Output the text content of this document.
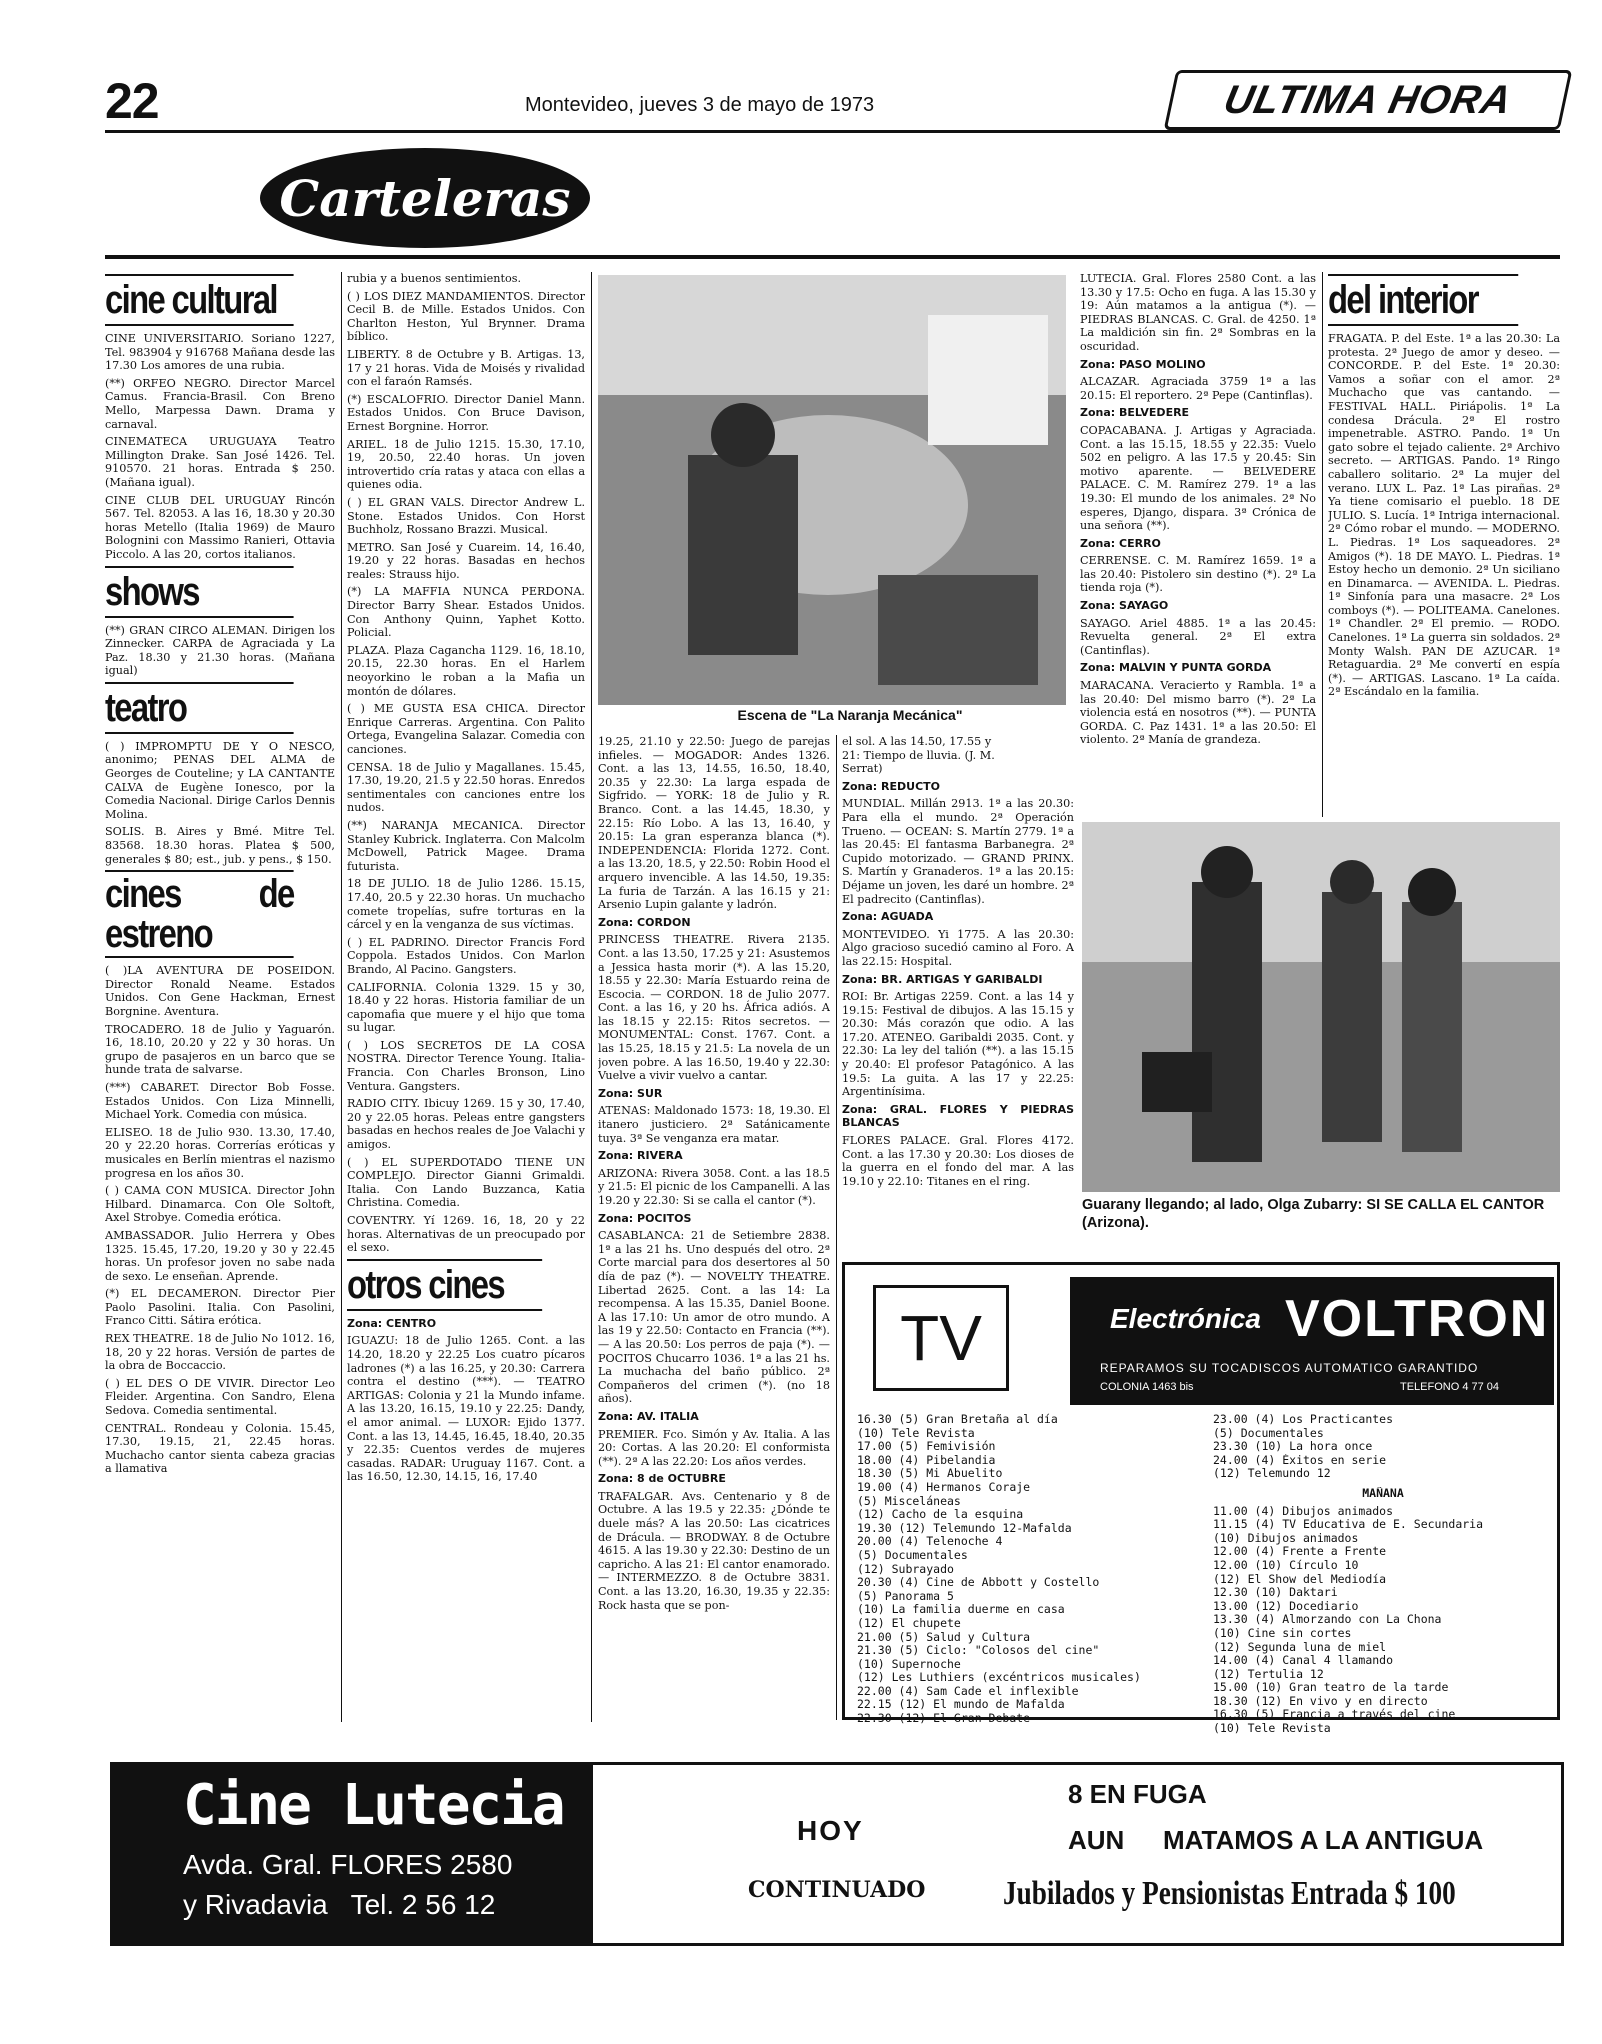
22	Montevideo, jueves 3 de mayo de 1973	ULTIMA HORA
Carteleras
cine cultural

CINE UNIVERSITARIO. Soriano 1227, Tel. 983904 y 916768 Mañana desde las 17.30 Los amores de una rubia.

(**) ORFEO NEGRO. Director Marcel Camus. Francia-Brasil. Con Breno Mello, Marpessa Dawn. Drama y carnaval.

CINEMATECA URUGUAYA Teatro Millington Drake. San José 1426. Tel. 910570. 21 horas. Entrada $ 250. (Mañana igual).

CINE CLUB DEL URUGUAY Rincón 567. Tel. 82053. A las 16, 18.30 y 20.30 horas Metello (Italia 1969) de Mauro Bolognini con Massimo Ranieri, Ottavia Piccolo. A las 20, cortos italianos.

shows

(**) GRAN CIRCO ALEMAN. Dirigen los Zinnecker. CARPA de Agraciada y La Paz. 18.30 y 21.30 horas. (Mañana igual)

teatro

( ) IMPROMPTU DE Y O NESCO, anonimo; PENAS DEL ALMA de Georges de Couteline; y LA CANTANTE CALVA de Eugène Ionesco, por la Comedia Nacional. Dirige Carlos Dennis Molina.

SOLIS. B. Aires y Bmé. Mitre Tel. 83568. 18.30 horas. Platea $ 500, generales $ 80; est., jub. y pens., $ 150.

cines de estreno

( )LA AVENTURA DE POSEIDON. Director Ronald Neame. Estados Unidos. Con Gene Hackman, Ernest Borgnine. Aventura.

TROCADERO. 18 de Julio y Yaguarón. 16, 18.10, 20.20 y 22 y 30 horas. Un grupo de pasajeros en un barco que se hunde trata de salvarse.

(***) CABARET. Director Bob Fosse. Estados Unidos. Con Liza Minnelli, Michael York. Comedia con música.

ELISEO. 18 de Julio 930. 13.30, 17.40, 20 y 22.20 horas. Correrías eróticas y musicales en Berlín mientras el nazismo progresa en los años 30.

( ) CAMA CON MUSICA. Director John Hilbard. Dinamarca. Con Ole Soltoft, Axel Strobye. Comedia erótica.

AMBASSADOR. Julio Herrera y Obes 1325. 15.45, 17.20, 19.20 y 30 y 22.45 horas. Un profesor joven no sabe nada de sexo. Le enseñan. Aprende.

(*) EL DECAMERON. Director Pier Paolo Pasolini. Italia. Con Pasolini, Franco Citti. Sátira erótica.

REX THEATRE. 18 de Julio No 1012. 16, 18, 20 y 22 horas. Versión de partes de la obra de Boccaccio.

( ) EL DES O DE VIVIR. Director Leo Fleider. Argentina. Con Sandro, Elena Sedova. Comedia sentimental.

CENTRAL. Rondeau y Colonia. 15.45, 17.30, 19.15, 21, 22.45 horas. Muchacho cantor sienta cabeza gracias a llamativa

rubia y a buenos sentimientos.

( ) LOS DIEZ MANDAMIENTOS. Director Cecil B. de Mille. Estados Unidos. Con Charlton Heston, Yul Brynner. Drama bíblico.

LIBERTY. 8 de Octubre y B. Artigas. 13, 17 y 21 horas. Vida de Moisés y rivalidad con el faraón Ramsés.

(*) ESCALOFRIO. Director Daniel Mann. Estados Unidos. Con Bruce Davison, Ernest Borgnine. Horror.

ARIEL. 18 de Julio 1215. 15.30, 17.10, 19, 20.50, 22.40 horas. Un joven introvertido cría ratas y ataca con ellas a quienes odia.

( ) EL GRAN VALS. Director Andrew L. Stone. Estados Unidos. Con Horst Buchholz, Rossano Brazzi. Musical.

METRO. San José y Cuareim. 14, 16.40, 19.20 y 22 horas. Basadas en hechos reales: Strauss hijo.

(*) LA MAFFIA NUNCA PERDONA. Director Barry Shear. Estados Unidos. Con Anthony Quinn, Yaphet Kotto. Policial.

PLAZA. Plaza Cagancha 1129. 16, 18.10, 20.15, 22.30 horas. En el Harlem neoyorkino le roban a la Mafia un montón de dólares.

( ) ME GUSTA ESA CHICA. Director Enrique Carreras. Argentina. Con Palito Ortega, Evangelina Salazar. Comedia con canciones.

CENSA. 18 de Julio y Magallanes. 15.45, 17.30, 19.20, 21.5 y 22.50 horas. Enredos sentimentales con canciones entre los nudos.

(**) NARANJA MECANICA. Director Stanley Kubrick. Inglaterra. Con Malcolm McDowell, Patrick Magee. Drama futurista.

18 DE JULIO. 18 de Julio 1286. 15.15, 17.40, 20.5 y 22.30 horas. Un muchacho comete tropelías, sufre torturas en la cárcel y en la venganza de sus víctimas.

( ) EL PADRINO. Director Francis Ford Coppola. Estados Unidos. Con Marlon Brando, Al Pacino. Gangsters.

CALIFORNIA. Colonia 1329. 15 y 30, 18.40 y 22 horas. Historia familiar de un capomafia que muere y el hijo que toma su lugar.

( ) LOS SECRETOS DE LA COSA NOSTRA. Director Terence Young. Italia-Francia. Con Charles Bronson, Lino Ventura. Gangsters.

RADIO CITY. Ibicuy 1269. 15 y 30, 17.40, 20 y 22.05 horas. Peleas entre gangsters basadas en hechos reales de Joe Valachi y amigos.

( ) EL SUPERDOTADO TIENE UN COMPLEJO. Director Gianni Grimaldi. Italia. Con Lando Buzzanca, Katia Christina. Comedia.

COVENTRY. Yí 1269. 16, 18, 20 y 22 horas. Alternativas de un preocupado por el sexo.

otros cines

Zona: CENTRO

IGUAZU: 18 de Julio 1265. Cont. a las 14.20, 18.20 y 22.25 Los cuatro pícaros ladrones (*) a las 16.25, y 20.30: Carrera contra el destino (***). — TEATRO ARTIGAS: Colonia y 21 la Mundo infame. A las 13.20, 16.15, 19.10 y 22.25: Dandy, el amor animal. — LUXOR: Ejido 1377. Cont. a las 13, 14.45, 16.45, 18.40, 20.35 y 22.35: Cuentos verdes de mujeres casadas. RADAR: Uruguay 1167. Cont. a las 16.50, 12.30, 14.15, 16, 17.40

Escena de "La Naranja Mecánica"

19.25, 21.10 y 22.50: Juego de parejas infieles. — MOGADOR: Andes 1326. Cont. a las 13, 14.55, 16.50, 18.40, 20.35 y 22.30: La larga espada de Sigfrido. — YORK: 18 de Julio y R. Branco. Cont. a las 14.45, 18.30, y 22.15: Río Lobo. A las 13, 16.40, y 20.15: La gran esperanza blanca (*). INDEPENDENCIA: Florida 1272. Cont. a las 13.20, 18.5, y 22.50: Robin Hood el arquero invencible. A las 14.50, 19.35: La furia de Tarzán. A las 16.15 y 21: Arsenio Lupin galante y ladrón.

Zona: CORDON

PRINCESS THEATRE. Rivera 2135. Cont. a las 13.50, 17.25 y 21: Asustemos a Jessica hasta morir (*). A las 15.20, 18.55 y 22.30: María Estuardo reina de Escocia. — CORDON. 18 de Julio 2077. Cont. a las 16, y 20 hs. África adiós. A las 18.15 y 22.15: Ritos secretos. — MONUMENTAL: Const. 1767. Cont. a las 15.25, 18.15 y 21.5: La novela de un joven pobre. A las 16.50, 19.40 y 22.30: Vuelve a vivir vuelvo a cantar.

Zona: SUR

ATENAS: Maldonado 1573: 18, 19.30. El itanero justiciero. 2ª Satánicamente tuya. 3ª Se venganza era matar.

Zona: RIVERA

ARIZONA: Rivera 3058. Cont. a las 18.5 y 21.5: El picnic de los Campanelli. A las 19.20 y 22.30: Si se calla el cantor (*).

Zona: POCITOS

CASABLANCA: 21 de Setiembre 2838. 1ª a las 21 hs. Uno después del otro. 2ª Corte marcial para dos desertores al 50 día de paz (*). — NOVELTY THEATRE. Libertad 2625. Cont. a las 14: La recompensa. A las 15.35, Daniel Boone. A las 17.10: Un amor de otro mundo. A las 19 y 22.50: Contacto en Francia (**). — A las 20.50: Los perros de paja (*). — POCITOS Chucarro 1036. 1ª a las 21 hs. La muchacha del baño público. 2ª Compañeros del crimen (*). (no 18 años).

Zona: AV. ITALIA

PREMIER. Fco. Simón y Av. Italia. A las 20: Cortas. A las 20.20: El conformista (**). 2ª A las 22.20: Los años verdes.

Zona: 8 de OCTUBRE

TRAFALGAR. Avs. Centenario y 8 de Octubre. A las 19.5 y 22.35: ¿Dónde te duele más? A las 20.50: Las cicatrices de Drácula. — BRODWAY. 8 de Octubre 4615. A las 19.30 y 22.30: Destino de un capricho. A las 21: El cantor enamorado. — INTERMEZZO. 8 de Octubre 3831. Cont. a las 13.20, 16.30, 19.35 y 22.35: Rock hasta que se pon-

LUTECIA. Gral. Flores 2580 Cont. a las 13.30 y 17.5: Ocho en fuga. A las 15.30 y 19: Aún matamos a la antigua (*). — PIEDRAS BLANCAS. C. Gral. de 4250. 1ª La maldición sin fin. 2ª Sombras en la oscuridad.

Zona: PASO MOLINO

ALCAZAR. Agraciada 3759 1ª a las 20.15: El reportero. 2ª Pepe (Cantinflas).

Zona: BELVEDERE

COPACABANA. J. Artigas y Agraciada. Cont. a las 15.15, 18.55 y 22.35: Vuelo 502 en peligro. A las 17.5 y 20.45: Sin motivo aparente. — BELVEDERE PALACE. C. M. Ramírez 279. 1ª a las 19.30: El mundo de los animales. 2ª No esperes, Django, dispara. 3ª Crónica de una señora (**).

Zona: CERRO

CERRENSE. C. M. Ramírez 1659. 1ª a las 20.40: Pistolero sin destino (*). 2ª La tienda roja (*).

Zona: SAYAGO

SAYAGO. Ariel 4885. 1ª a las 20.45: Revuelta general. 2ª El extra (Cantinflas).

Zona: MALVIN Y PUNTA GORDA

MARACANA. Veracierto y Rambla. 1ª a las 20.40: Del mismo barro (*). 2ª La violencia está en nosotros (**). — PUNTA GORDA. C. Paz 1431. 1ª a las 20.50: El violento. 2ª Manía de grandeza.

el sol. A las 14.50, 17.55 y

21: Tiempo de lluvia. (J. M.

Serrat)

Zona: REDUCTO

MUNDIAL. Millán 2913. 1ª a las 20.30: Para ella el mundo. 2ª Operación Trueno. — OCEAN: S. Martín 2779. 1ª a las 20.45: El fantasma Barbanegra. 2ª Cupido motorizado. — GRAND PRINX. S. Martín y Granaderos. 1ª a las 20.15: Déjame un joven, les daré un hombre. 2ª El padrecito (Cantinflas).

Zona: AGUADA

MONTEVIDEO. Yi 1775. A las 20.30: Algo gracioso sucedió camino al Foro. A las 22.15: Hospital.

Zona: BR. ARTIGAS Y GARIBALDI

ROI: Br. Artigas 2259. Cont. a las 14 y 19.15: Festival de dibujos. A las 15.15 y 20.30: Más corazón que odio. A las 17.20. ATENEO. Garibaldi 2035. Cont. y 22.30: La ley del talión (**). a las 15.15 y 20.40: El profesor Patagónico. A las 19.5: La guita. A las 17 y 22.25: Argentinísima.

Zona: GRAL. FLORES Y PIEDRAS BLANCAS

FLORES PALACE. Gral. Flores 4172. Cont. a las 17.30 y 20.30: Los dioses de la guerra en el fondo del mar. A las 19.10 y 22.10: Titanes en el ring.

del interior

FRAGATA. P. del Este. 1ª a las 20.30: La protesta. 2ª Juego de amor y deseo. — CONCORDE. P. del Este. 1ª 20.30: Vamos a soñar con el amor. 2ª Muchacho que vas cantando. — FESTIVAL HALL. Piriápolis. 1ª La condesa Drácula. 2ª El rostro impenetrable. ASTRO. Pando. 1ª Un gato sobre el tejado caliente. 2ª Archivo secreto. — ARTIGAS. Pando. 1ª Ringo caballero solitario. 2ª La mujer del verano. LUX L. Paz. 1ª Las pirañas. 2ª Ya tiene comisario el pueblo. 18 DE JULIO. S. Lucía. 1ª Intriga internacional. 2ª Cómo robar el mundo. — MODERNO. L. Piedras. 1ª Los saqueadores. 2ª Amigos (*). 18 DE MAYO. L. Piedras. 1ª Estoy hecho un demonio. 2ª Un siciliano en Dinamarca. — AVENIDA. L. Piedras. 1ª Sinfonía para una masacre. 2ª Los comboys (*). — POLITEAMA. Canelones. 1ª Chandler. 2ª El premio. — RODO. Canelones. 1ª La guerra sin soldados. 2ª Monty Walsh. PAN DE AZUCAR. 1ª Retaguardia. 2ª Me convertí en espía (*). — ARTIGAS. Lascano. 1ª La caída. 2ª Escándalo en la familia.

Guarany llegando; al lado, Olga Zubarry: SI SE CALLA EL CANTOR (Arizona).
TV	Electrónica VOLTRON
REPARAMOS SU TOCADISCOS AUTOMATICO GARANTIDO
COLONIA 1463 bis	TELEFONO 4 77 04
16.30 (5) Gran Bretaña al día
(10) Tele Revista
17.00 (5) Femivisión
18.00 (4) Pibelandia
18.30 (5) Mi Abuelito
19.00 (4) Hermanos Coraje
(5) Misceláneas
(12) Cacho de la esquina
19.30 (12) Telemundo 12-Mafalda
20.00 (4) Telenoche 4
(5) Documentales
(12) Subrayado
20.30 (4) Cine de Abbott y Costello
(5) Panorama 5
(10) La familia duerme en casa
(12) El chupete
21.00 (5) Salud y Cultura
21.30 (5) Ciclo: "Colosos del cine"
(10) Supernoche
(12) Les Luthiers (excéntricos musicales)
22.00 (4) Sam Cade el inflexible
22.15 (12) El mundo de Mafalda
22.30 (12) El Gran Debate
23.00 (4) Los Practicantes
(5) Documentales
23.30 (10) La hora once
24.00 (4) Éxitos en serie
(12) Telemundo 12
MAÑANA
11.00 (4) Dibujos animados
11.15 (4) TV Educativa de E. Secundaria
(10) Dibujos animados
12.00 (4) Frente a Frente
12.00 (10) Círculo 10
(12) El Show del Mediodía
12.30 (10) Daktari
13.00 (12) Docediario
13.30 (4) Almorzando con La Chona
(10) Cine sin cortes
(12) Segunda luna de miel
14.00 (4) Canal 4 llamando
(12) Tertulia 12
15.00 (10) Gran teatro de la tarde
18.30 (12) En vivo y en directo
16.30 (5) Francia a través del cine
(10) Tele Revista
Cine Lutecia
Avda. Gral. FLORES 2580
y Rivadavia   Tel. 2 56 12
HOY
CONTINUADO
8 EN FUGA
AUN MATAMOS A LA ANTIGUA
Jubilados y Pensionistas Entrada $ 100
